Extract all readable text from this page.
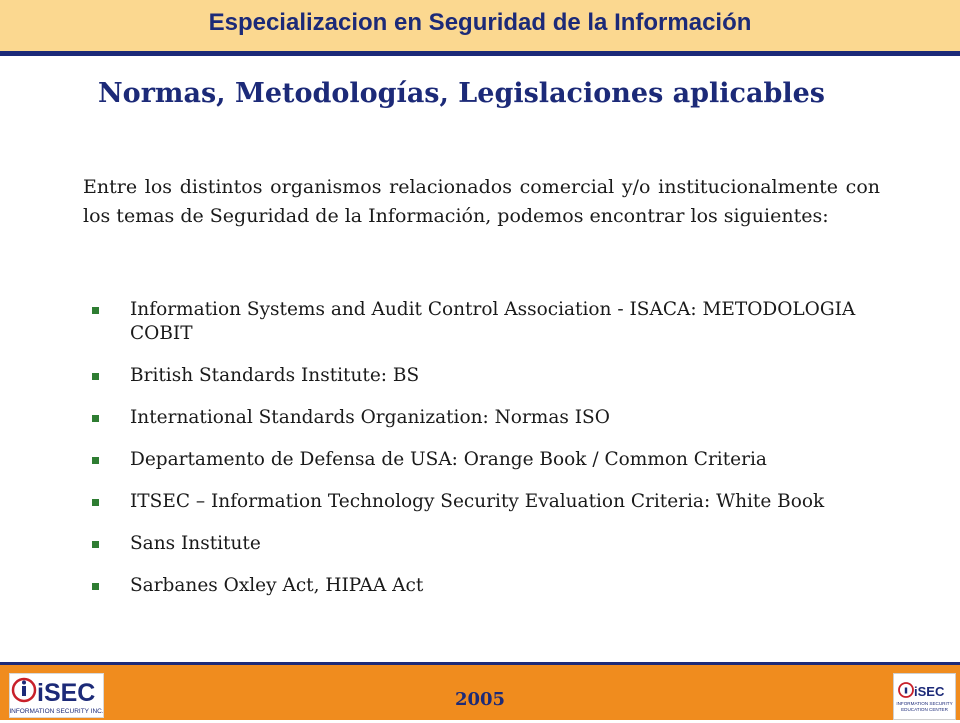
Especializacion en Seguridad de la Información
Normas, Metodologías, Legislaciones aplicables

Entre los distintos organismos relacionados comercial y/o institucionalmente con los temas de Seguridad de la Información, podemos encontrar los siguientes:

Information Systems and Audit Control Association - ISACA: METODOLOGIA COBIT
British Standards Institute: BS
International Standards Organization: Normas ISO
Departamento de Defensa de USA: Orange Book / Common Criteria
ITSEC – Information Technology Security Evaluation Criteria: White Book
Sans Institute
Sarbanes Oxley Act, HIPAA Act
iSEC
INFORMATION SECURITY INC.
2005	iSEC
INFORMATION SECURITY
EDUCATION CENTER
